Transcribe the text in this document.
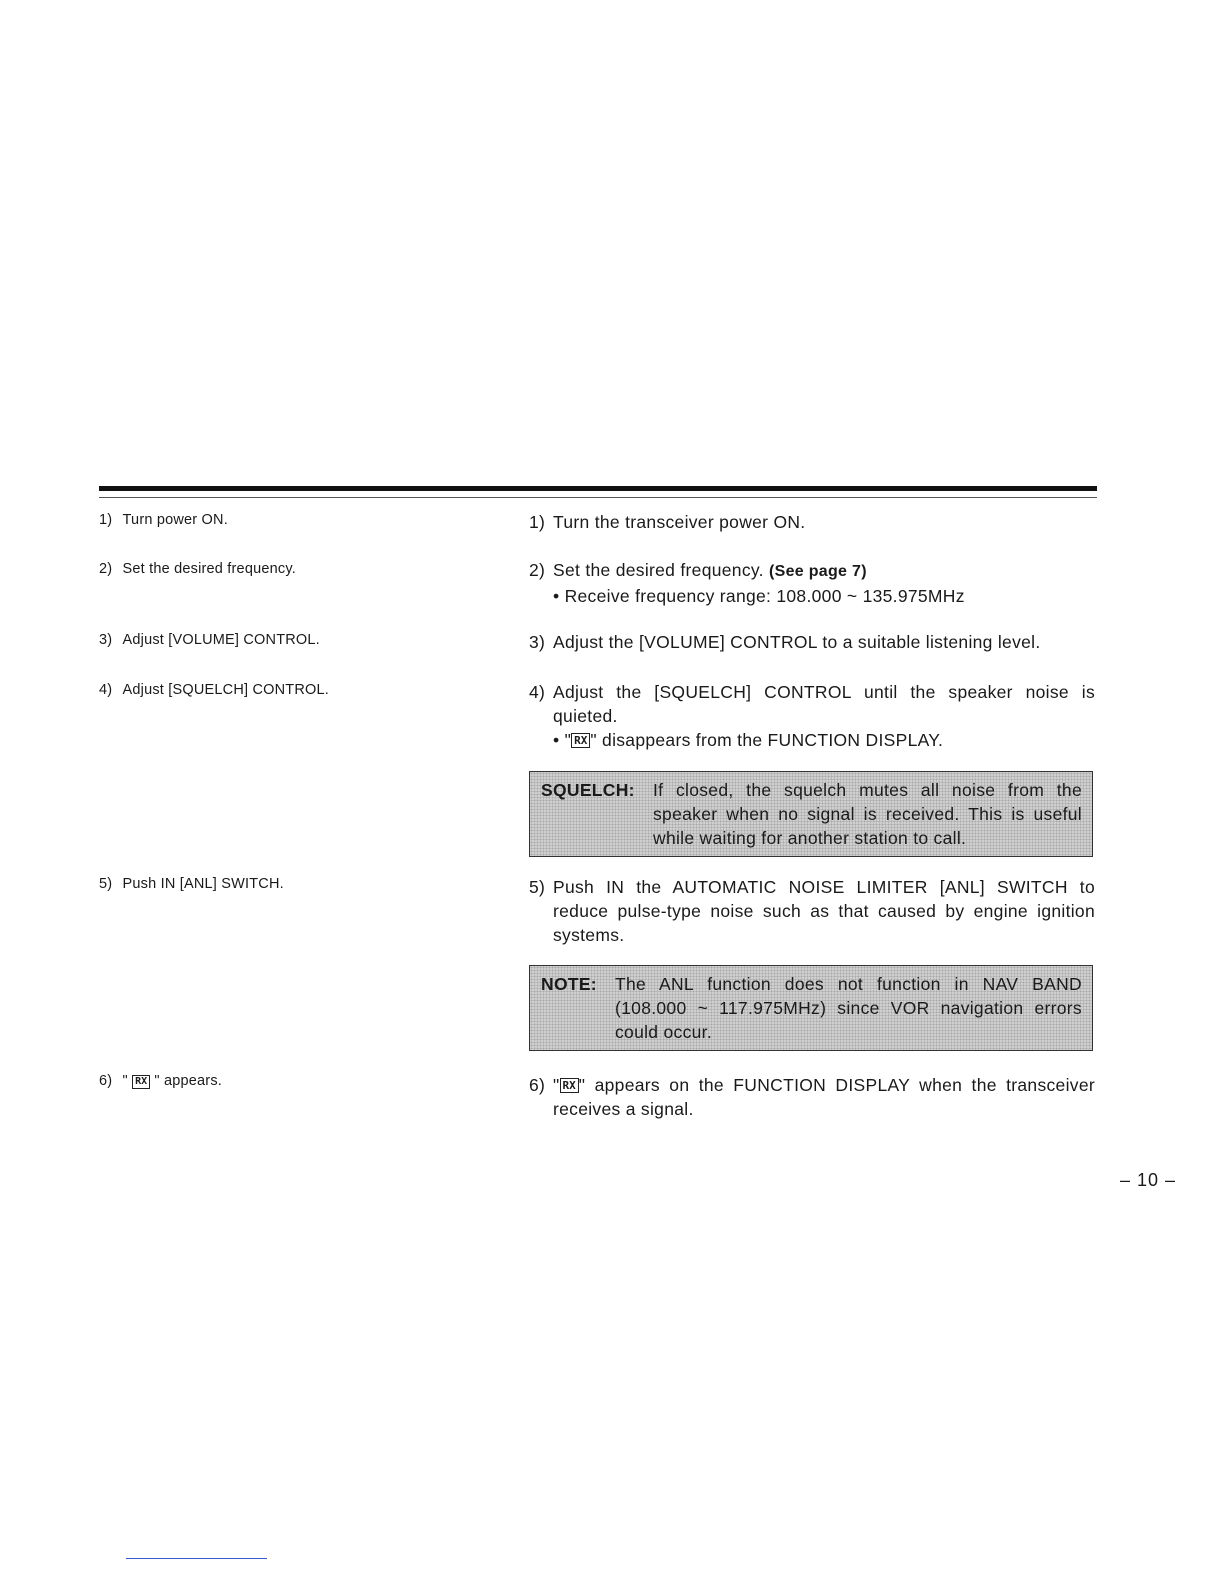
1) Turn power ON.
2) Set the desired frequency.
3) Adjust [VOLUME] CONTROL.
4) Adjust [SQUELCH] CONTROL.
5) Push IN [ANL] SWITCH.
6) " RX " appears.
1) Turn the transceiver power ON.
2) Set the desired frequency. (See page 7)
• Receive frequency range: 108.000 ~ 135.975MHz
3) Adjust the [VOLUME] CONTROL to a suitable listening level.
4) Adjust the [SQUELCH] CONTROL until the speaker noise is quieted.
• " RX " disappears from the FUNCTION DISPLAY.
SQUELCH: If closed, the squelch mutes all noise from the speaker when no signal is received. This is useful while waiting for another station to call.
5) Push IN the AUTOMATIC NOISE LIMITER [ANL] SWITCH to reduce pulse-type noise such as that caused by engine ignition systems.
NOTE: The ANL function does not function in NAV BAND (108.000 ~ 117.975MHz) since VOR navigation errors could occur.
6) " RX " appears on the FUNCTION DISPLAY when the transceiver receives a signal.
– 10 –
